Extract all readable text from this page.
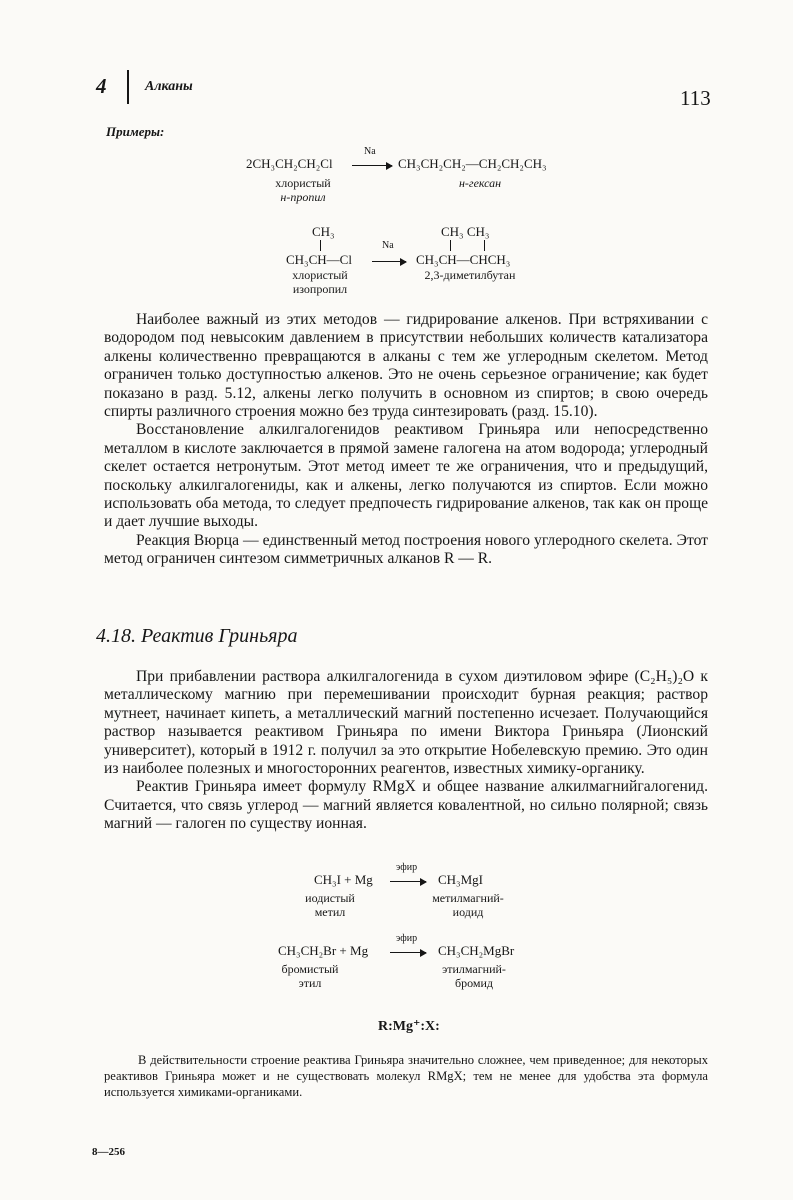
4	Алканы	113
Примеры:
2CH₃CH₂CH₂Cl
Na
CH₃CH₂CH₂—CH₂CH₂CH₃
хлористый
н-пропил
н-гексан
CH₃
CH₃CH—Cl
Na
CH₃ CH₃
CH₃CH—CHCH₃
хлористый
изопропил
2,3-диметилбутан

Наиболее важный из этих методов — гидрирование алкенов. При встряхивании с водородом под невысоким давлением в присутствии небольших количеств катализатора алкены количественно превращаются в алканы с тем же углеродным скелетом. Метод ограничен только доступностью алкенов. Это не очень серьезное ограничение; как будет показано в разд. 5.12, алкены легко получить в основном из спиртов; в свою очередь спирты различного строения можно без труда синтезировать (разд. 15.10).

Восстановление алкилгалогенидов реактивом Гриньяра или непосредственно металлом в кислоте заключается в прямой замене галогена на атом водорода; углеродный скелет остается нетронутым. Этот метод имеет те же ограничения, что и предыдущий, поскольку алкилгалогениды, как и алкены, легко получаются из спиртов. Если можно использовать оба метода, то следует предпочесть гидрирование алкенов, так как он проще и дает лучшие выходы.

Реакция Вюрца — единственный метод построения нового углеродного скелета. Этот метод ограничен синтезом симметричных алканов R — R.

4.18. Реактив Гриньяра

При прибавлении раствора алкилгалогенида в сухом диэтиловом эфире (C₂H₅)₂O к металлическому магнию при перемешивании происходит бурная реакция; раствор мутнеет, начинает кипеть, а металлический магний постепенно исчезает. Получающийся раствор называется реактивом Гриньяра по имени Виктора Гриньяра (Лионский университет), который в 1912 г. получил за это открытие Нобелевскую премию. Это один из наиболее полезных и многосторонних реагентов, известных химику-органику.

Реактив Гриньяра имеет формулу RMgX и общее название алкилмагнийгалогенид. Считается, что связь углерод — магний является ковалентной, но сильно полярной; связь магний — галоген по существу ионная.

CH₃I + Mg
эфир
CH₃MgI
иодистый
метил
метилмагний-
иодид
CH₃CH₂Br + Mg
эфир
CH₃CH₂MgBr
бромистый
этил
этилмагний-
бромид
R:Mg⁺:X:

В действительности строение реактива Гриньяра значительно сложнее, чем приведенное; для некоторых реактивов Гриньяра может и не существовать молекул RMgX; тем не менее для удобства эта формула используется химиками-органиками.

8—256
